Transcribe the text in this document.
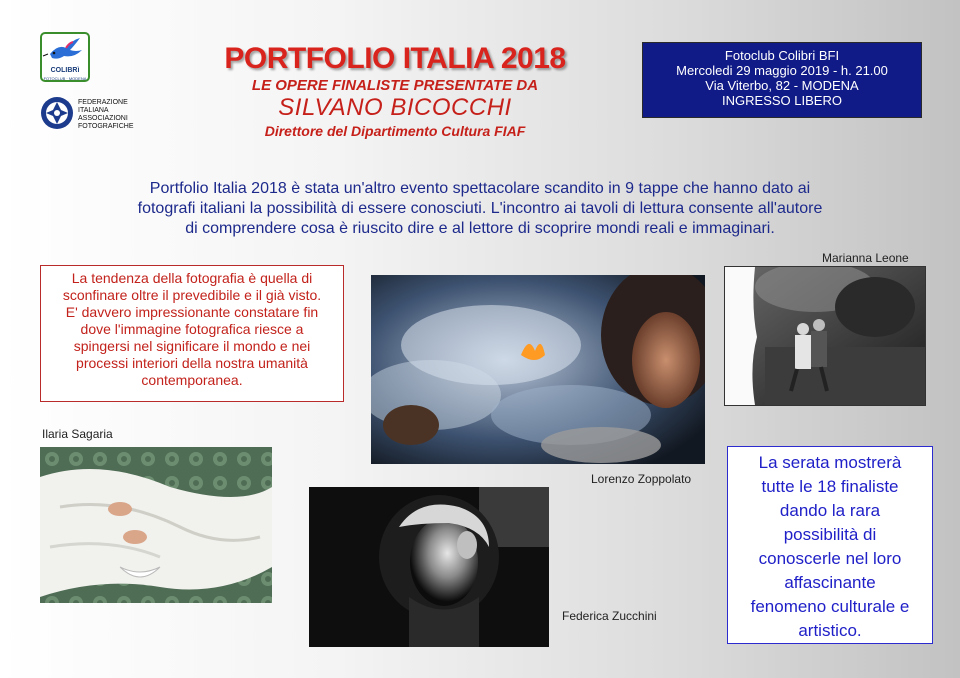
COLIBRì
FOTOCLUB · MODENA
FEDERAZIONE ITALIANA ASSOCIAZIONI FOTOGRAFICHE
PORTFOLIO ITALIA 2018
LE OPERE FINALISTE PRESENTATE DA
SILVANO BICOCCHI
Direttore del Dipartimento Cultura FIAF
Fotoclub Colibri BFI
Mercoledi 29 maggio 2019 - h. 21.00
Via Viterbo, 82 - MODENA
INGRESSO LIBERO
Portfolio Italia 2018 è stata un'altro evento spettacolare scandito in 9 tappe che hanno dato ai
fotografi italiani la possibilità di essere conosciuti. L'incontro ai tavoli di lettura consente all'autore
di comprendere cosa è riuscito dire e al lettore di scoprire mondi reali e immaginari.
La tendenza della fotografia è quella di
sconfinare oltre il prevedibile e il già visto.
E' davvero impressionante constatare fin
dove l'immagine fotografica riesce a
spingersi nel significare il mondo e nei
processi interiori della nostra umanità
contemporanea.
La serata mostrerà
tutte le 18 finaliste
dando la rara
possibilità di
conoscerle nel loro
affascinante
fenomeno culturale e
artistico.
Marianna Leone
Lorenzo Zoppolato
Ilaria Sagaria
Federica Zucchini
